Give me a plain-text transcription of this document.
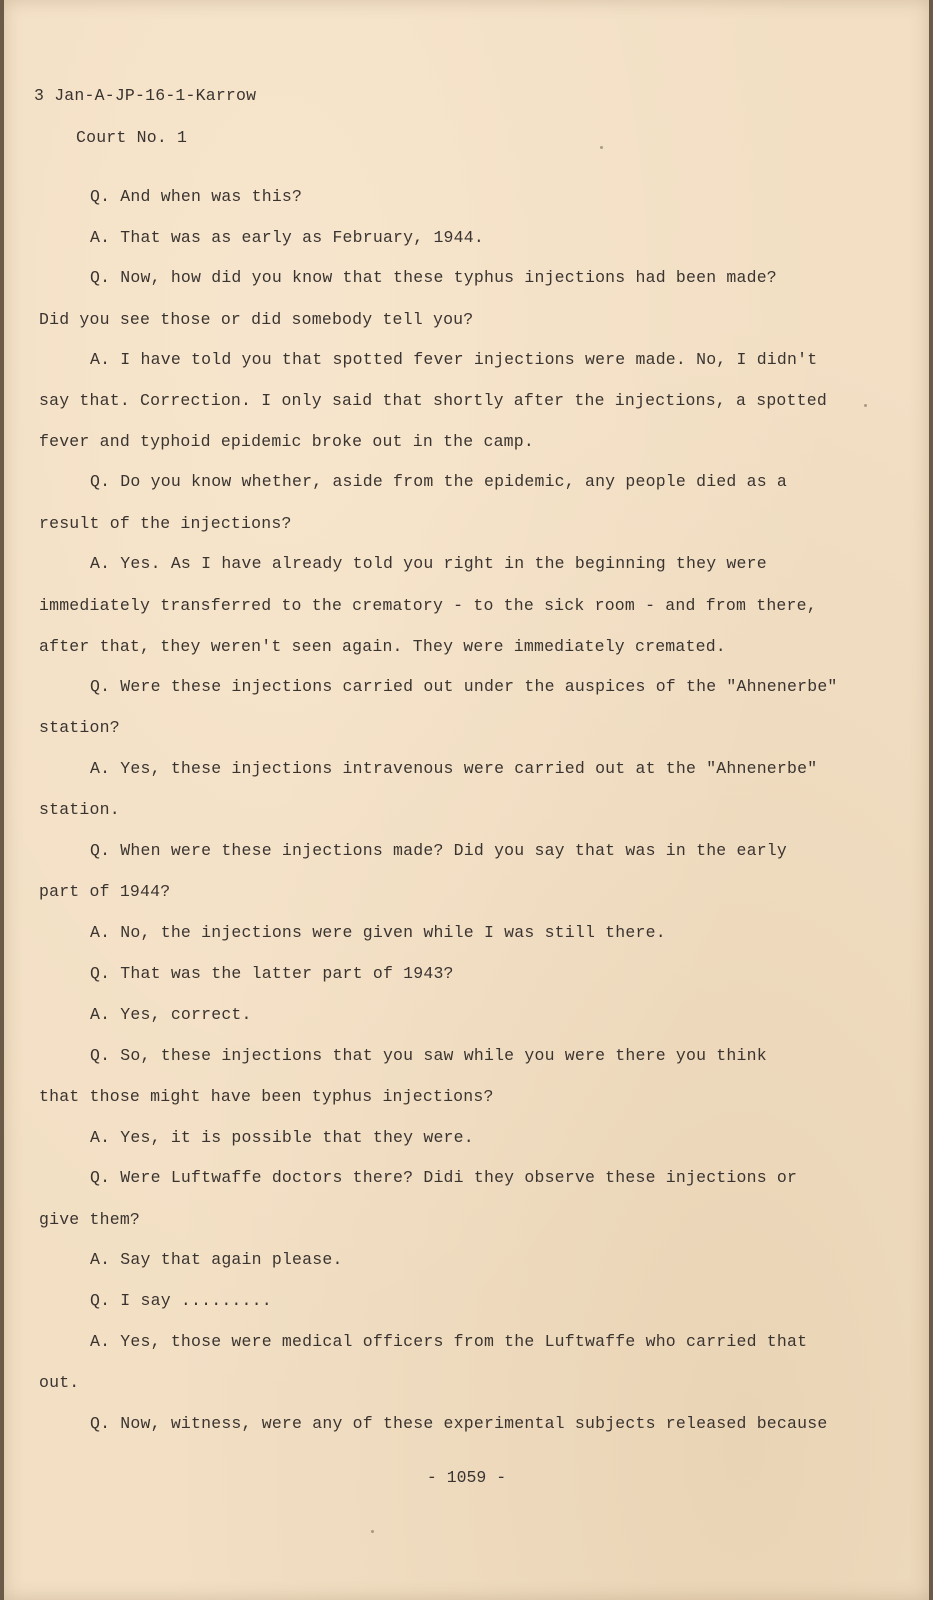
3 Jan-A-JP-16-1-Karrow
Court No. 1
Q. And when was this?
A. That was as early as February, 1944.
Q. Now, how did you know that these typhus injections had been made?
Did you see those or did somebody tell you?
A. I have told you that spotted fever injections were made. No, I didn't
say that. Correction. I only said that shortly after the injections, a spotted
fever and typhoid epidemic broke out in the camp.
Q. Do you know whether, aside from the epidemic, any people died as a
result of the injections?
A. Yes. As I have already told you right in the beginning they were
immediately transferred to the crematory - to the sick room - and from there,
after that, they weren't seen again. They were immediately cremated.
Q. Were these injections carried out under the auspices of the "Ahnenerbe"
station?
A. Yes, these injections intravenous were carried out at the "Ahnenerbe"
station.
Q. When were these injections made? Did you say that was in the early
part of 1944?
A. No, the injections were given while I was still there.
Q. That was the latter part of 1943?
A. Yes, correct.
Q. So, these injections that you saw while you were there you think
that those might have been typhus injections?
A. Yes, it is possible that they were.
Q. Were Luftwaffe doctors there? Didi they observe these injections or
give them?
A. Say that again please.
Q. I say .........
A. Yes, those were medical officers from the Luftwaffe who carried that
out.
Q. Now, witness, were any of these experimental subjects released because
- 1059 -
